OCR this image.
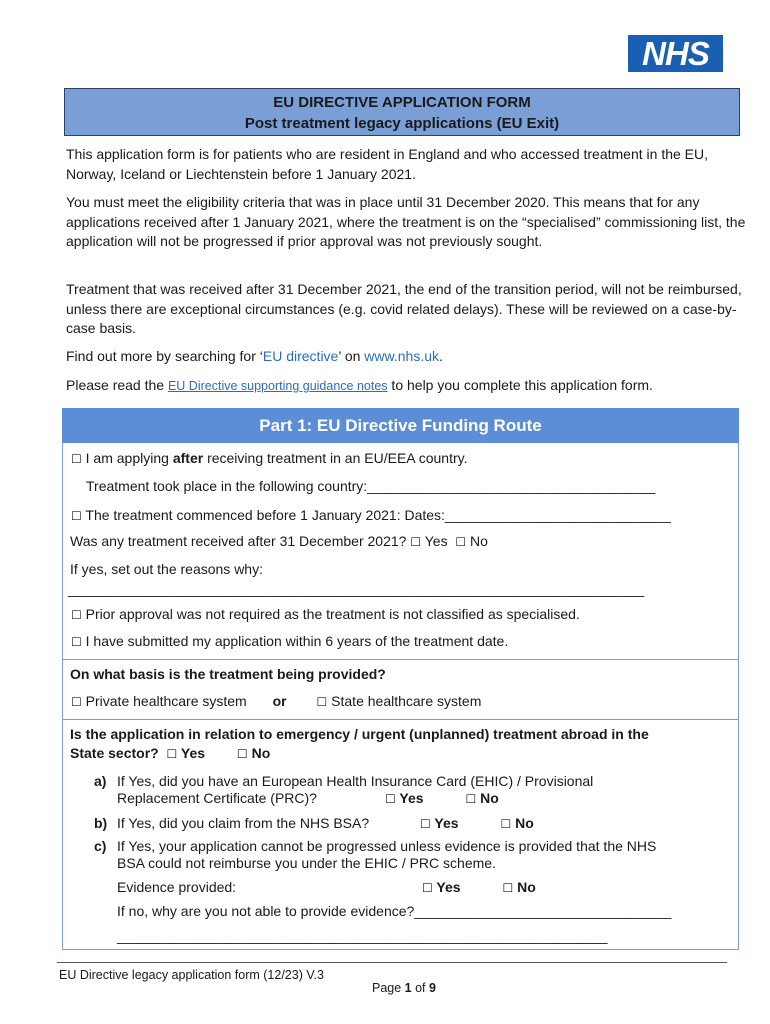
NHS
EU DIRECTIVE APPLICATION FORM
Post treatment legacy applications (EU Exit)

This application form is for patients who are resident in England and who accessed treatment in the EU, Norway, Iceland or Liechtenstein before 1 January 2021.

You must meet the eligibility criteria that was in place until 31 December 2020. This means that for any applications received after 1 January 2021, where the treatment is on the “specialised” commissioning list, the application will not be progressed if prior approval was not previously sought.

Treatment that was received after 31 December 2021, the end of the transition period, will not be reimbursed, unless there are exceptional circumstances (e.g. covid related delays). These will be reviewed on a case-by-case basis.

Find out more by searching for ‘EU directive’ on www.nhs.uk.

Please read the EU Directive supporting guidance notes to help you complete this application form.

Part 1: EU Directive Funding Route
☐ I am applying after receiving treatment in an EU/EEA country.
Treatment took place in the following country:_____________________________________
☐ The treatment commenced before 1 January 2021: Dates:_____________________________
Was any treatment received after 31 December 2021? ☐ Yes ☐ No
If yes, set out the reasons why:
__________________________________________________________________________
☐ Prior approval was not required as the treatment is not classified as specialised.
☐ I have submitted my application within 6 years of the treatment date.
On what basis is the treatment being provided?
☐ Private healthcare system or ☐ State healthcare system
Is the application in relation to emergency / urgent (unplanned) treatment abroad in the
State sector? ☐ Yes	☐ No
a) If Yes, did you have an European Health Insurance Card (EHIC) / Provisional
Replacement Certificate (PRC)?	☐ Yes	☐ No
b) If Yes, did you claim from the NHS BSA?	☐ Yes	☐ No
c) If Yes, your application cannot be progressed unless evidence is provided that the NHS
BSA could not reimburse you under the EHIC / PRC scheme.
Evidence provided:	☐ Yes	☐ No
If no, why are you not able to provide evidence?_________________________________
_______________________________________________________________
EU Directive legacy application form (12/23) V.3
Page 1 of 9
